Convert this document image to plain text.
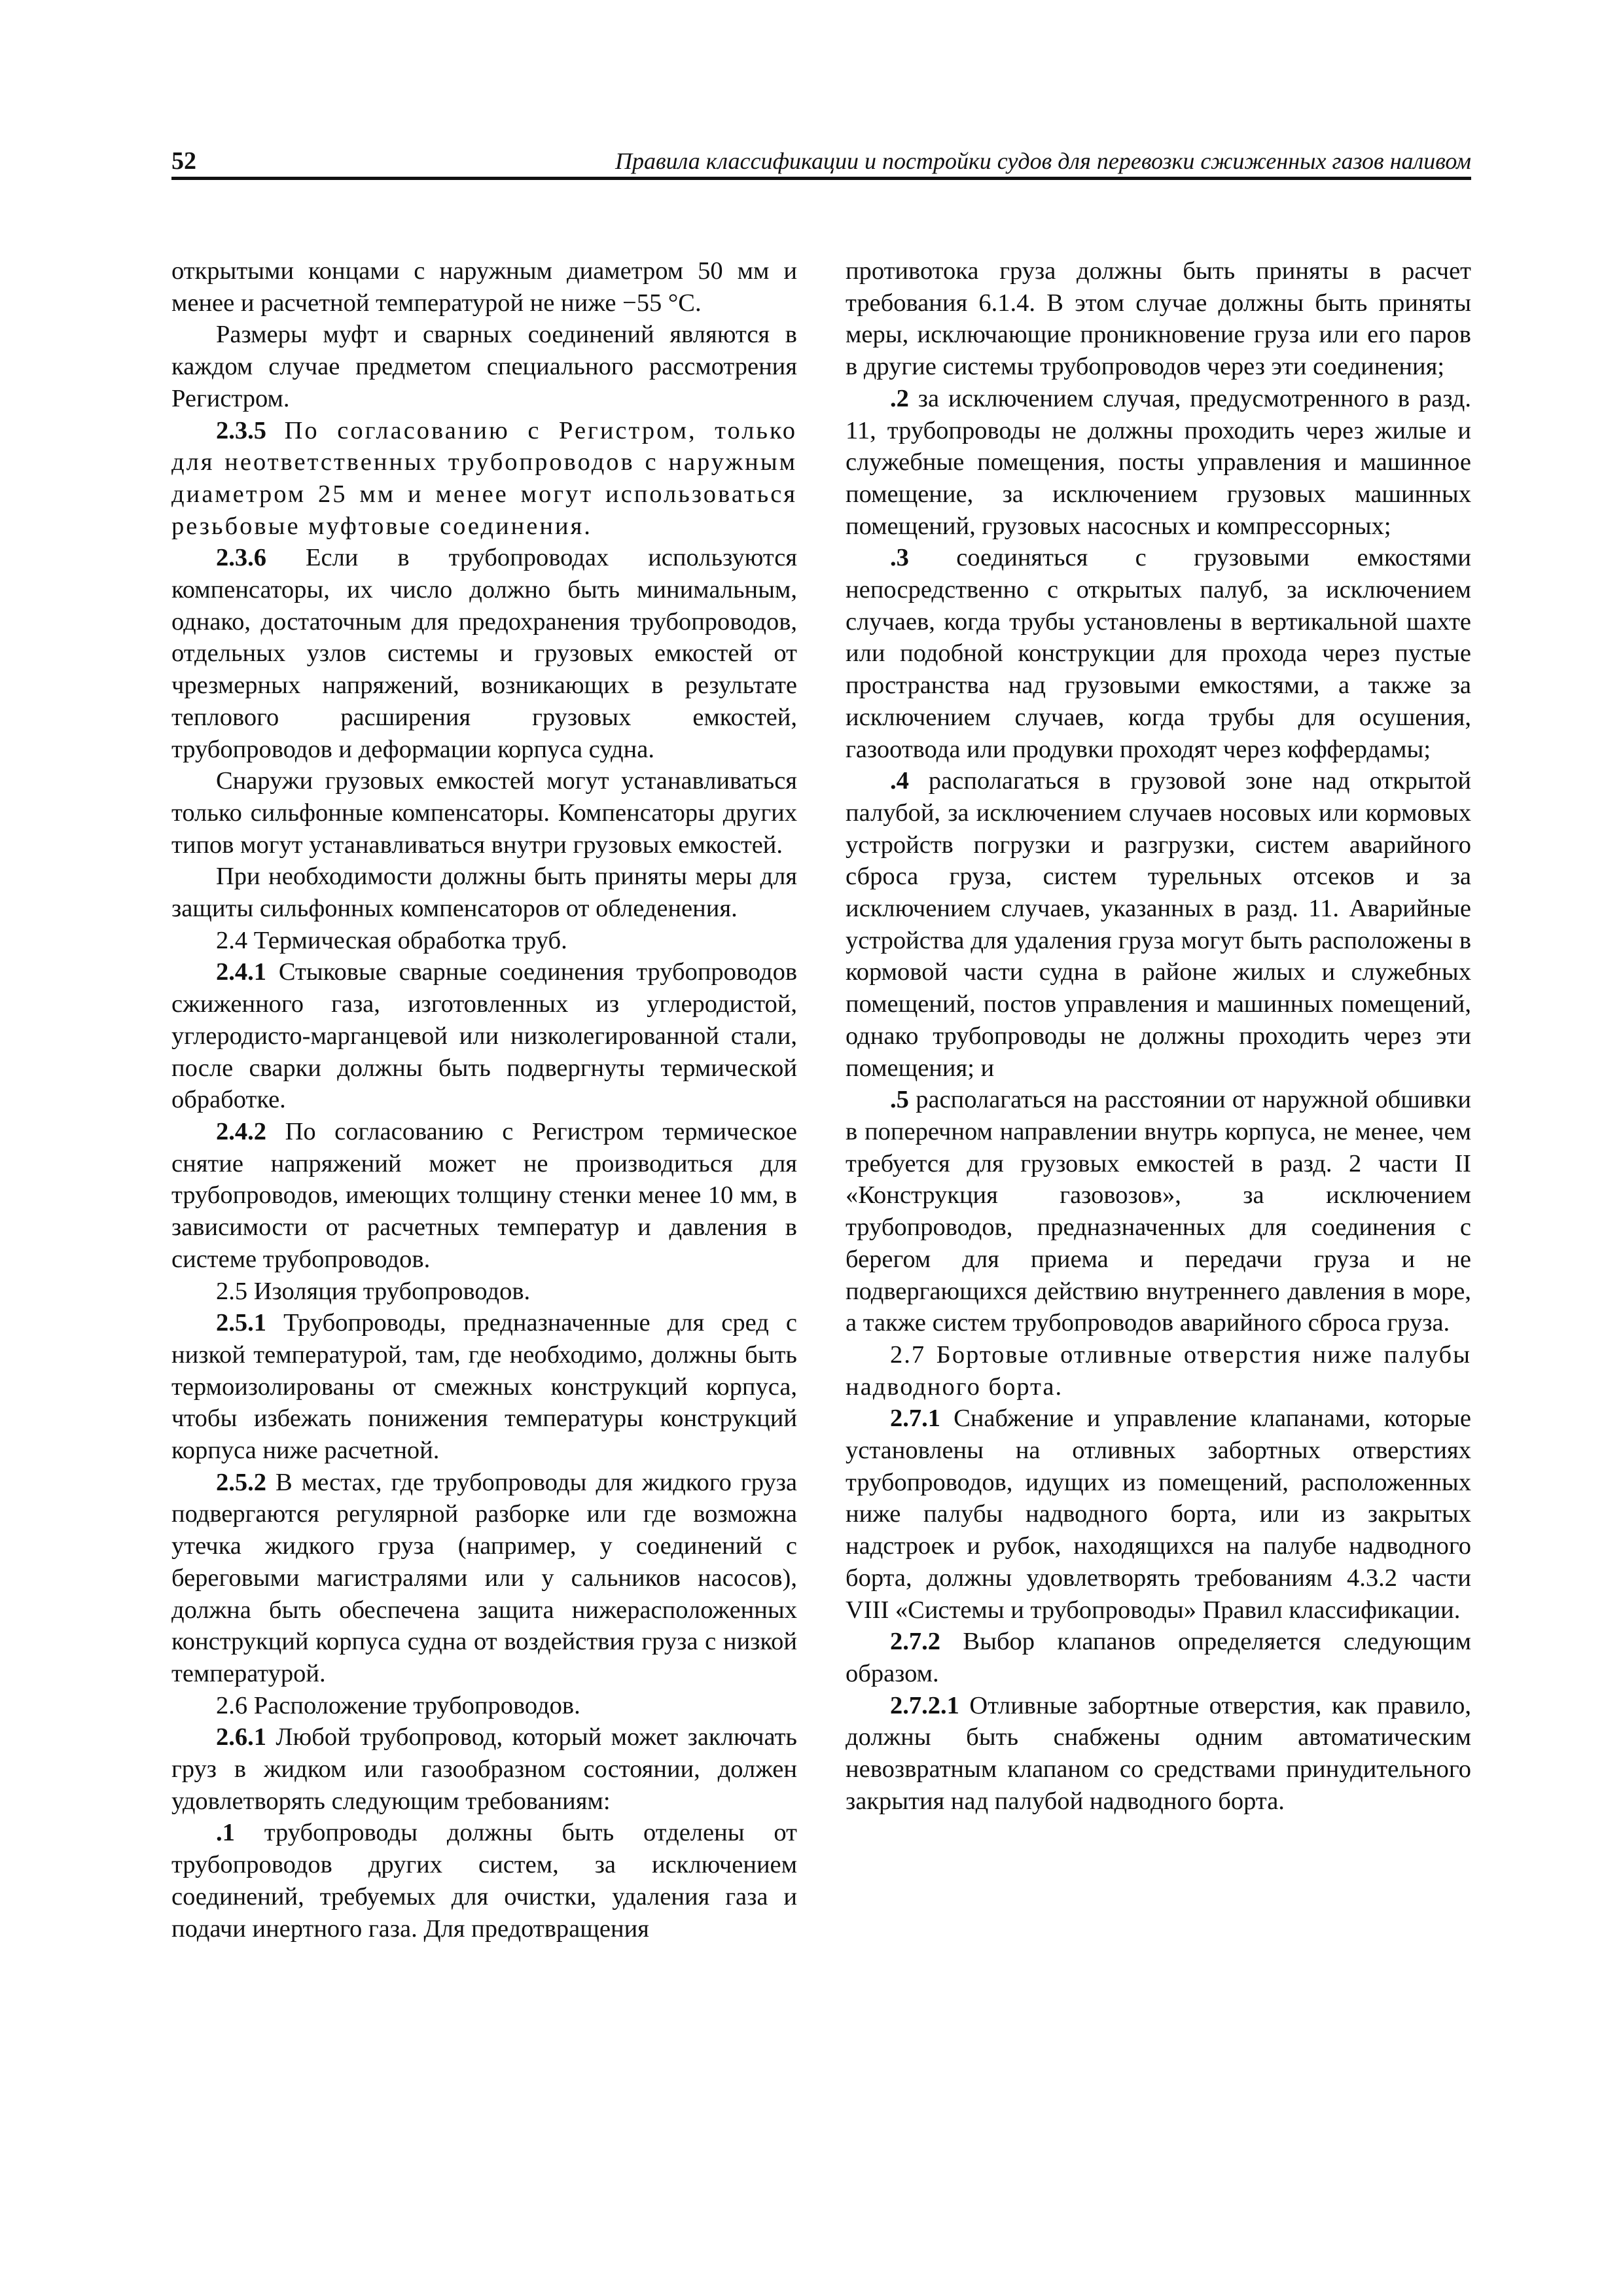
52	Правила классификации и постройки судов для перевозки сжиженных газов наливом

открытыми концами с наружным диаметром 50 мм и менее и расчетной температурой не ниже −55 °С.

Размеры муфт и сварных соединений являются в каждом случае предметом специального рассмотрения Регистром.

2.3.5 По согласованию с Регистром, только для неответственных трубопроводов с наружным диаметром 25 мм и менее могут использоваться резьбовые муфтовые соединения.

2.3.6 Если в трубопроводах используются компенсаторы, их число должно быть минимальным, однако, достаточным для предохранения трубопроводов, отдельных узлов системы и грузовых емкостей от чрезмерных напряжений, возникающих в результате теплового расширения грузовых емкостей, трубопроводов и деформации корпуса судна.

Снаружи грузовых емкостей могут устанавливаться только сильфонные компенсаторы. Компенсаторы других типов могут устанавливаться внутри грузовых емкостей.

При необходимости должны быть приняты меры для защиты сильфонных компенсаторов от обледенения.

2.4 Термическая обработка труб.

2.4.1 Стыковые сварные соединения трубопроводов сжиженного газа, изготовленных из углеродистой, углеродисто-марганцевой или низколегированной стали, после сварки должны быть подвергнуты термической обработке.

2.4.2 По согласованию с Регистром термическое снятие напряжений может не производиться для трубопроводов, имеющих толщину стенки менее 10 мм, в зависимости от расчетных температур и давления в системе трубопроводов.

2.5 Изоляция трубопроводов.

2.5.1 Трубопроводы, предназначенные для сред с низкой температурой, там, где необходимо, должны быть термоизолированы от смежных конструкций корпуса, чтобы избежать понижения температуры конструкций корпуса ниже расчетной.

2.5.2 В местах, где трубопроводы для жидкого груза подвергаются регулярной разборке или где возможна утечка жидкого груза (например, у соединений с береговыми магистралями или у сальников насосов), должна быть обеспечена защита нижерасположенных конструкций корпуса судна от воздействия груза с низкой температурой.

2.6 Расположение трубопроводов.

2.6.1 Любой трубопровод, который может заключать груз в жидком или газообразном состоянии, должен удовлетворять следующим требованиям:

.1 трубопроводы должны быть отделены от трубопроводов других систем, за исключением соединений, требуемых для очистки, удаления газа и подачи инертного газа. Для предотвращения

противотока груза должны быть приняты в расчет требования 6.1.4. В этом случае должны быть приняты меры, исключающие проникновение груза или его паров в другие системы трубопроводов через эти соединения;

.2 за исключением случая, предусмотренного в разд. 11, трубопроводы не должны проходить через жилые и служебные помещения, посты управления и машинное помещение, за исключением грузовых машинных помещений, грузовых насосных и компрессорных;

.3 соединяться с грузовыми емкостями непосредственно с открытых палуб, за исключением случаев, когда трубы установлены в вертикальной шахте или подобной конструкции для прохода через пустые пространства над грузовыми емкостями, а также за исключением случаев, когда трубы для осушения, газоотвода или продувки проходят через коффердамы;

.4 располагаться в грузовой зоне над открытой палубой, за исключением случаев носовых или кормовых устройств погрузки и разгрузки, систем аварийного сброса груза, систем турельных отсеков и за исключением случаев, указанных в разд. 11. Аварийные устройства для удаления груза могут быть расположены в кормовой части судна в районе жилых и служебных помещений, постов управления и машинных помещений, однако трубопроводы не должны проходить через эти помещения; и

.5 располагаться на расстоянии от наружной обшивки в поперечном направлении внутрь корпуса, не менее, чем требуется для грузовых емкостей в разд. 2 части II «Конструкция газовозов», за исключением трубопроводов, предназначенных для соединения с берегом для приема и передачи груза и не подвергающихся действию внутреннего давления в море, а также систем трубопроводов аварийного сброса груза.

2.7 Бортовые отливные отверстия ниже палубы надводного борта.

2.7.1 Снабжение и управление клапанами, которые установлены на отливных забортных отверстиях трубопроводов, идущих из помещений, расположенных ниже палубы надводного борта, или из закрытых надстроек и рубок, находящихся на палубе надводного борта, должны удовлетворять требованиям 4.3.2 части VIII «Системы и трубопроводы» Правил классификации.

2.7.2 Выбор клапанов определяется следующим образом.

2.7.2.1 Отливные забортные отверстия, как правило, должны быть снабжены одним автоматическим невозвратным клапаном со средствами принудительного закрытия над палубой надводного борта.
